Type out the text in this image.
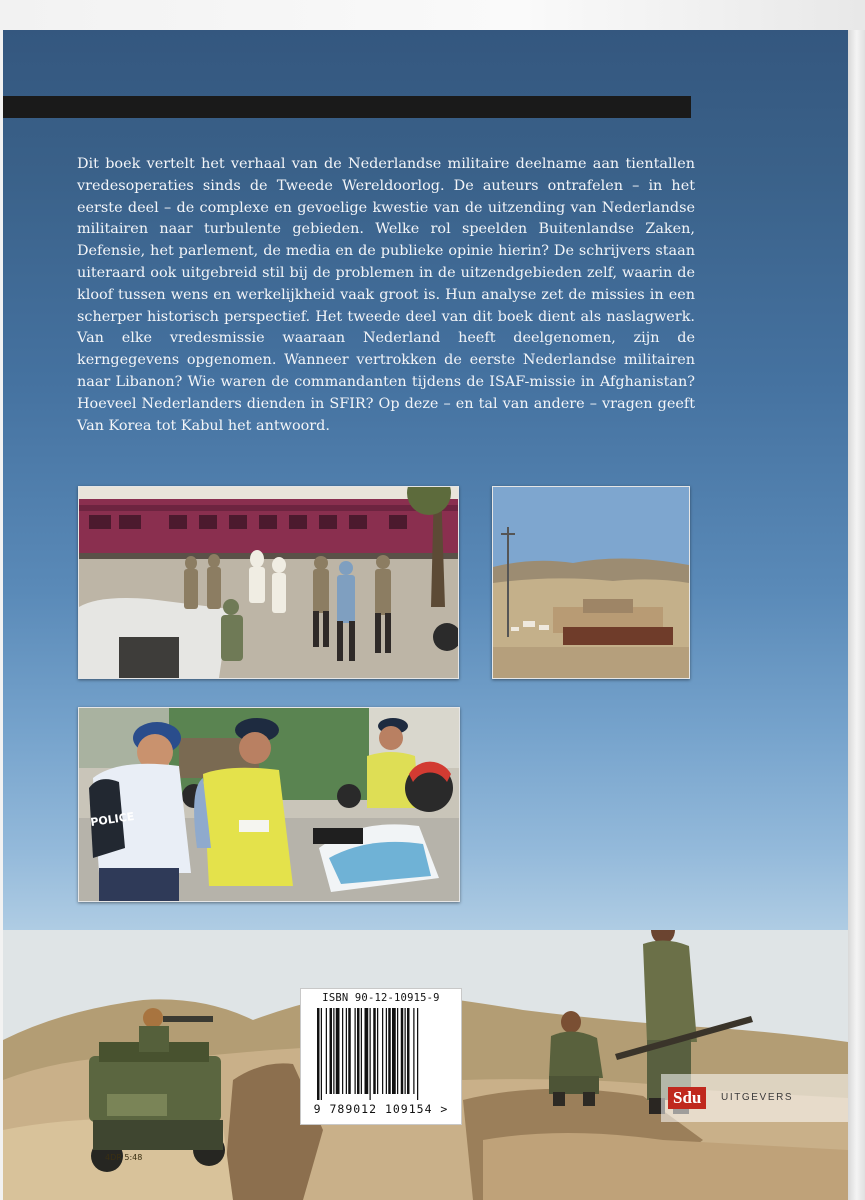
Dit boek vertelt het verhaal van de Nederlandse militaire deelname aan tientallen vredesoperaties sinds de Tweede Wereldoorlog. De auteurs ontrafelen – in het eerste deel – de complexe en gevoelige kwestie van de uitzending van Nederlandse militairen naar turbulente gebieden. Welke rol speelden Buitenlandse Zaken, Defensie, het parlement, de media en de publieke opinie hierin? De schrijvers staan uiteraard ook uitgebreid stil bij de problemen in de uitzendgebieden zelf, waarin de kloof tussen wens en werkelijkheid vaak groot is. Hun analyse zet de missies in een scherper historisch perspectief. Het tweede deel van dit boek dient als naslagwerk. Van elke vredesmissie waaraan Nederland heeft deelgenomen, zijn de kerngegevens opgenomen. Wanneer vertrokken de eerste Nederlandse militairen naar Libanon? Wie waren de commandanten tijdens de ISAF-missie in Afghanistan? Hoeveel Nederlanders dienden in SFIR? Op deze – en tal van andere – vragen geeft Van Korea tot Kabul het antwoord.

POLICE
4DR 5:48
ISBN 90-12-10915-9
9 789012 109154 >
Sdu	UITGEVERS
